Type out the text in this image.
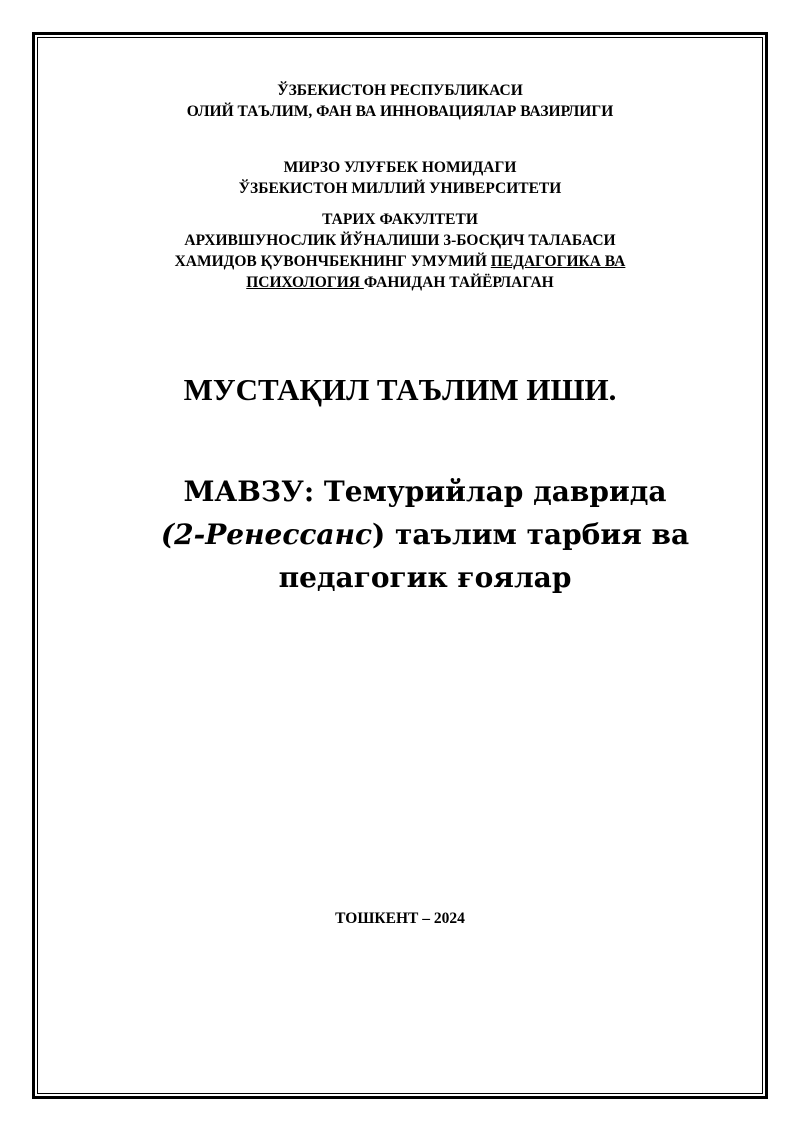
ЎЗБЕКИСТОН РЕСПУБЛИКАСИ
ОЛИЙ ТАЪЛИМ, ФАН ВА ИННОВАЦИЯЛАР ВАЗИРЛИГИ
МИРЗО УЛУҒБЕК НОМИДАГИ
ЎЗБЕКИСТОН МИЛЛИЙ УНИВЕРСИТЕТИ
ТАРИХ ФАКУЛТЕТИ
АРХИВШУНОСЛИК ЙЎНАЛИШИ 3-БОСҚИЧ ТАЛАБАСИ
ХАМИДОВ ҚУВОНЧБЕКНИНГ УМУМИЙ ПЕДАГОГИКА ВА
ПСИХОЛОГИЯ ФАНИДАН ТАЙЁРЛАГАН
МУСТАҚИЛ ТАЪЛИМ ИШИ.
МАВЗУ: Темурийлар даврида
(2-Ренессанс) таълим тарбия ва
педагогик ғоялар
ТОШКЕНТ – 2024
